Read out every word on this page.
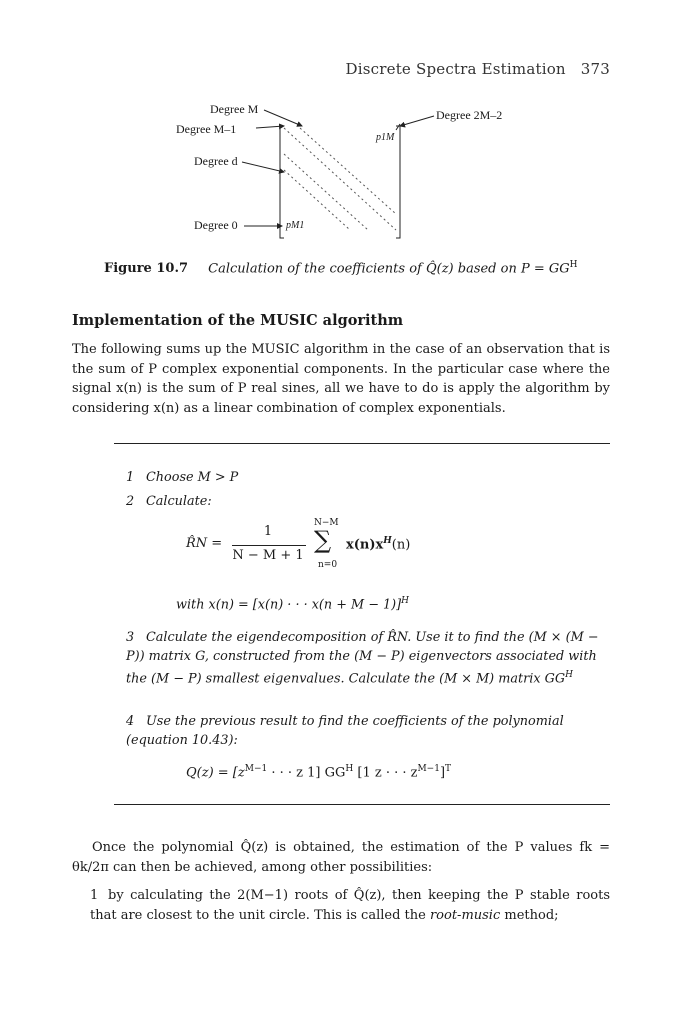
Discrete Spectra Estimation 373
Degree M
Degree M–1
Degree d
Degree 0
Degree 2M–2
p1M
pM1
Figure 10.7 Calculation of the coefficients of Q̂(z) based on $P = GG^H$
Implementation of the MUSIC algorithm
The following sums up the MUSIC algorithm in the case of an observation that is the sum of P complex exponential components. In the particular case where the signal x(n) is the sum of P real sines, all we have to do is apply the algorithm by considering x(n) as a linear combination of complex exponentials.
1 Choose M > P
2 Calculate:
R̂N =
1
N − M + 1
N−M
∑
n=0
$x(n)x^H(n)$
with x(n) = [x(n) · · · x(n + M − 1)]$^H$
3 Calculate the eigendecomposition of R̂N. Use it to find the (M × (M − P)) matrix G, constructed from the (M − P) eigenvectors associated with the (M − P) smallest eigenvalues. Calculate the (M × M) matrix $GG^H$
4 Use the previous result to find the coefficients of the polynomial (equation 10.43):
$Q(z) = [z^{M-1}$ · · · z 1] $GG^H$ [1 z · · · $z^{M-1}]^T$
Once the polynomial Q̂(z) is obtained, the estimation of the P values fk = θk/2π can then be achieved, among other possibilities:
1 by calculating the 2(M−1) roots of Q̂(z), then keeping the P stable roots that are closest to the unit circle. This is called the root-music method;
